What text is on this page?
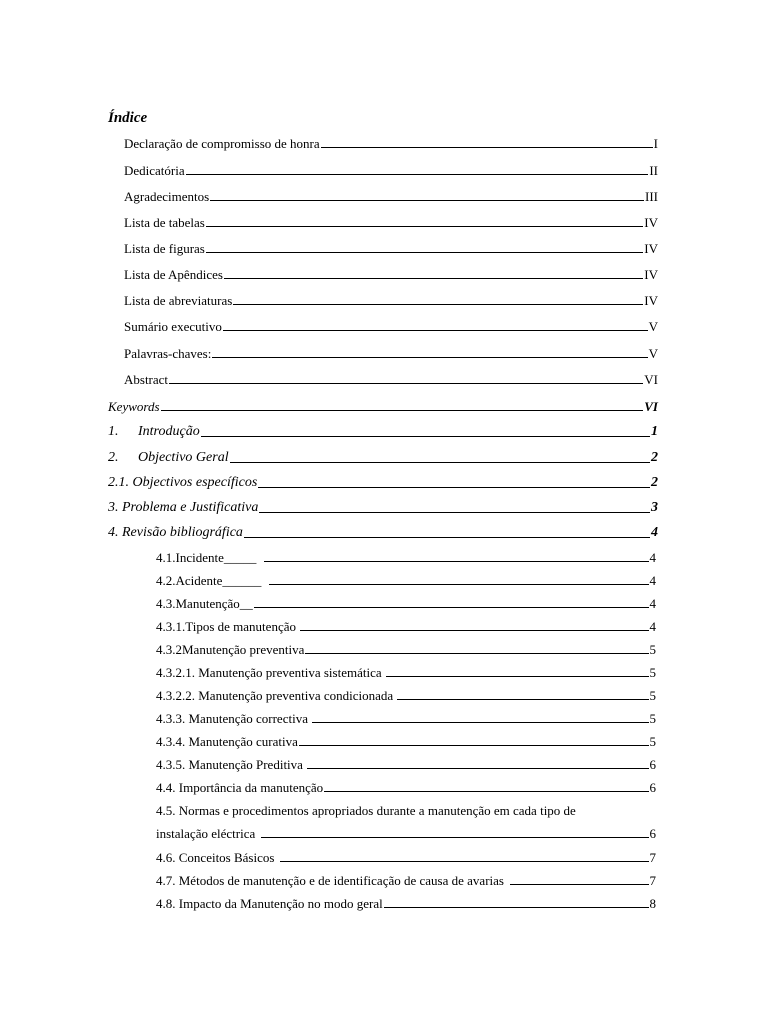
Índice
Declaração de compromisso de honra	I
Dedicatória	II
Agradecimentos	III
Lista de tabelas	IV
Lista de figuras	IV
Lista de Apêndices	IV
Lista de abreviaturas	IV
Sumário executivo	V
Palavras-chaves:	V
Abstract	VI
Keywords	VI
1.	Introdução	1
2.	Objectivo Geral	2
2.1. Objectivos específicos	2
3. Problema e Justificativa	3
4. Revisão bibliográfica	4
4.1.Incidente_____	4
4.2.Acidente______	4
4.3.Manutenção__	4
4.3.1.Tipos de manutenção	4
4.3.2Manutenção preventiva	5
4.3.2.1. Manutenção preventiva sistemática	5
4.3.2.2. Manutenção preventiva condicionada	5
4.3.3. Manutenção correctiva	5
4.3.4. Manutenção curativa	5
4.3.5. Manutenção Preditiva	6
4.4. Importância da manutenção	6
4.5. Normas e procedimentos apropriados durante a manutenção em cada tipo de
instalação eléctrica	6
4.6. Conceitos Básicos	7
4.7. Métodos de manutenção e de identificação de causa de avarias	7
4.8. Impacto da Manutenção no modo geral	8
